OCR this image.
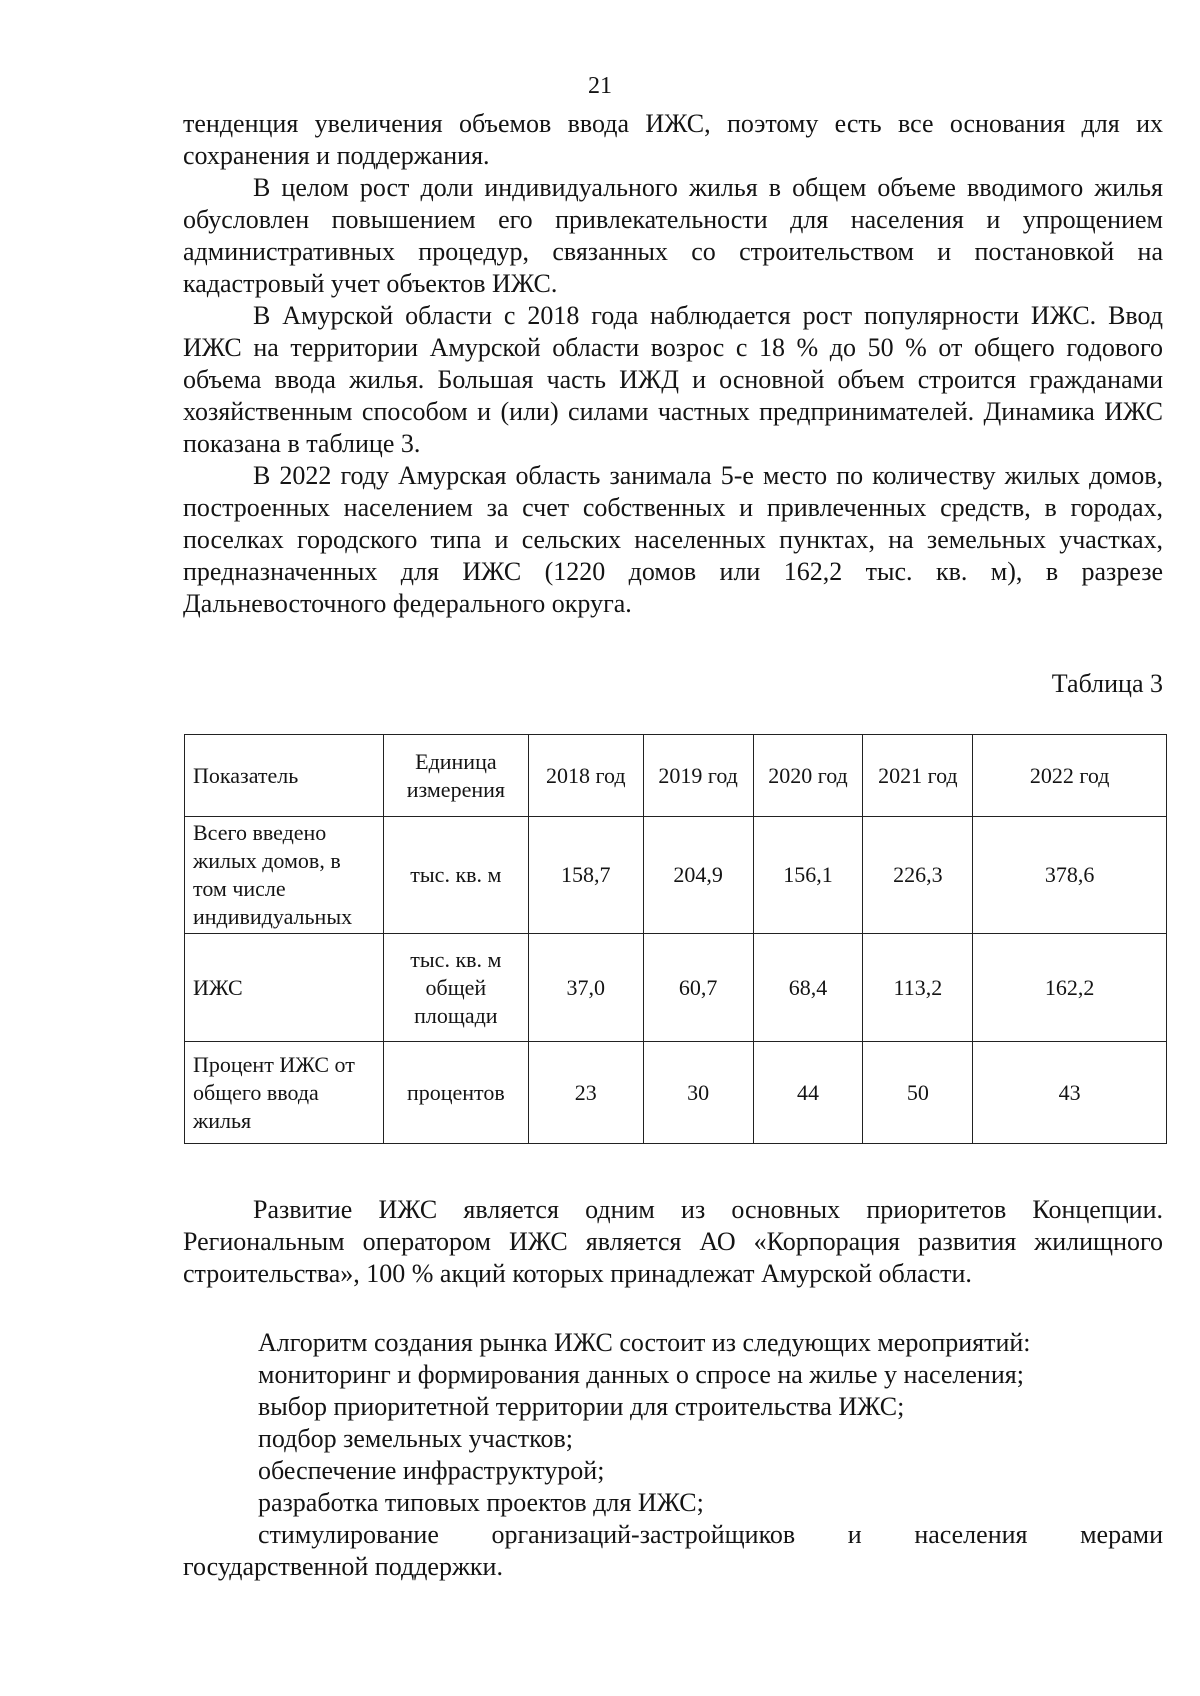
21

тенденция увеличения объемов ввода ИЖС, поэтому есть все основания для их сохранения и поддержания.

В целом рост доли индивидуального жилья в общем объеме вводимого жилья обусловлен повышением его привлекательности для населения и упрощением административных процедур, связанных со строительством и постановкой на кадастровый учет объектов ИЖС.

В Амурской области с 2018 года наблюдается рост популярности ИЖС. Ввод ИЖС на территории Амурской области возрос с 18 % до 50 % от общего годового объема ввода жилья. Большая часть ИЖД и основной объем строится гражданами хозяйственным способом и (или) силами частных предпринимателей. Динамика ИЖС показана в таблице 3.

В 2022 году Амурская область занимала 5-е место по количеству жилых домов, построенных населением за счет собственных и привлеченных средств, в городах, поселках городского типа и сельских населенных пунктах, на земельных участках, предназначенных для ИЖС (1220 домов или 162,2 тыс. кв. м), в разрезе Дальневосточного федерального округа.

Таблица 3
Показатель	Единица измерения	2018 год	2019 год	2020 год	2021 год	2022 год
Всего введено жилых домов, в том числе индивидуальных	тыс. кв. м	158,7	204,9	156,1	226,3	378,6
ИЖС	тыс. кв. м общей площади	37,0	60,7	68,4	113,2	162,2
Процент ИЖС от общего ввода жилья	процентов	23	30	44	50	43

Развитие ИЖС является одним из основных приоритетов Концепции. Региональным оператором ИЖС является АО «Корпорация развития жилищного строительства», 100 % акций которых принадлежат Амурской области.

Алгоритм создания рынка ИЖС состоит из следующих мероприятий:

мониторинг и формирования данных о спросе на жилье у населения;

выбор приоритетной территории для строительства ИЖС;

подбор земельных участков;

обеспечение инфраструктурой;

разработка типовых проектов для ИЖС;

стимулирование организаций-застройщиков и населения мерами государственной поддержки.
